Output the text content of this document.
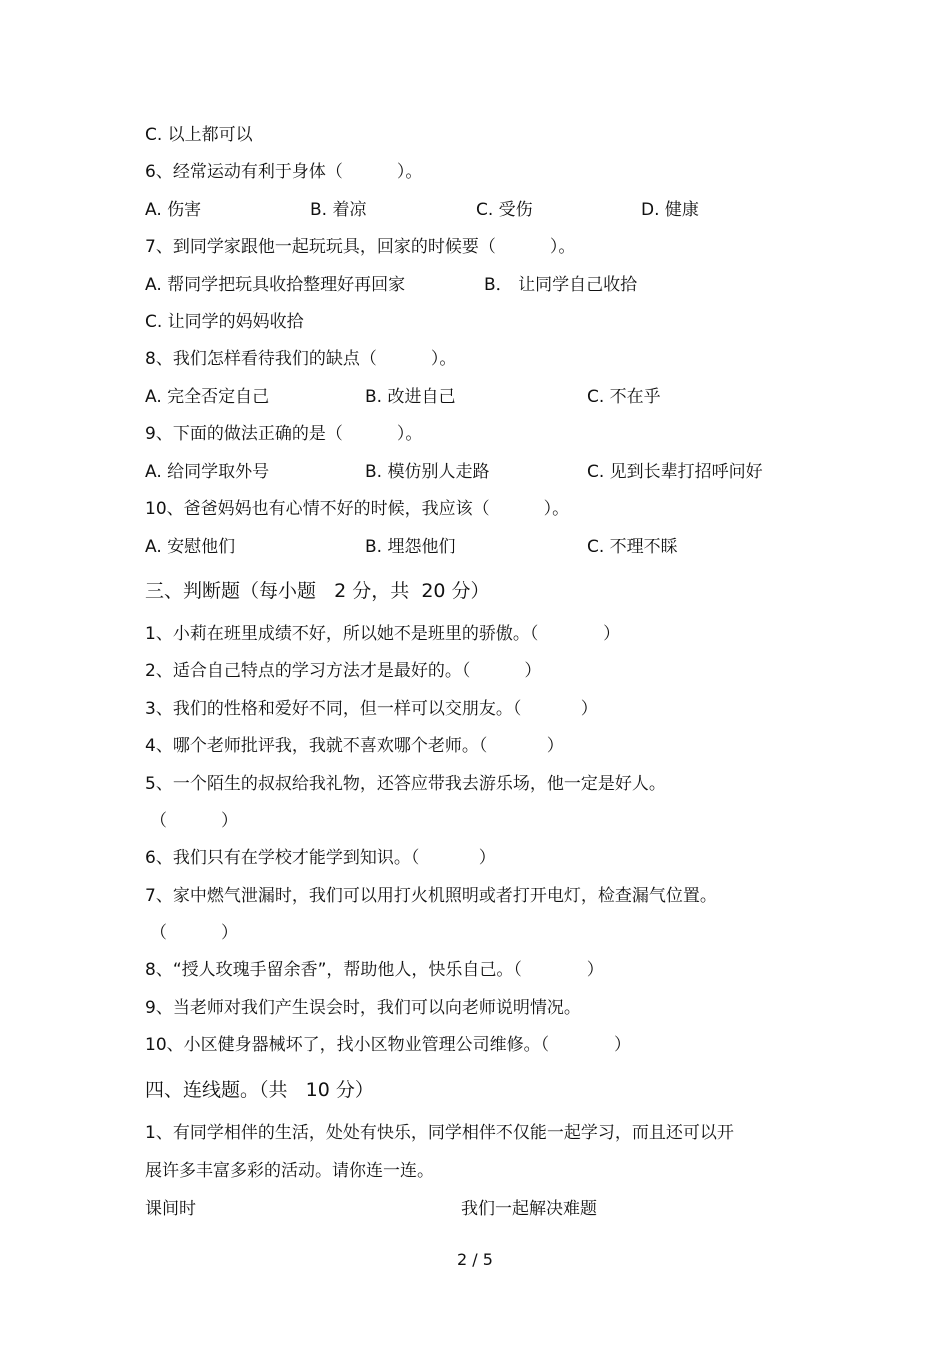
C. 以上都可以
6、经常运动有利于身体（          ）。
A. 伤害	B. 着凉	C. 受伤	D. 健康
7、到同学家跟他一起玩玩具，回家的时候要（          ）。
A. 帮同学把玩具收拾整理好再回家	B． 让同学自己收拾
C. 让同学的妈妈收拾
8、我们怎样看待我们的缺点（          ）。
A. 完全否定自己	B. 改进自己	C. 不在乎
9、下面的做法正确的是（          ）。
A. 给同学取外号	B. 模仿别人走路	C. 见到长辈打招呼问好
10、爸爸妈妈也有心情不好的时候，我应该（          ）。
A. 安慰他们	B. 埋怨他们	C. 不理不睬
三、判断题（每小题   2 分，共  20 分）
1、小莉在班里成绩不好，所以她不是班里的骄傲。（            ）
2、适合自己特点的学习方法才是最好的。（          ）
3、我们的性格和爱好不同，但一样可以交朋友。（           ）
4、哪个老师批评我，我就不喜欢哪个老师。（           ）
5、一个陌生的叔叔给我礼物，还答应带我去游乐场，他一定是好人。
（          ）
6、我们只有在学校才能学到知识。（           ）
7、家中燃气泄漏时，我们可以用打火机照明或者打开电灯，检查漏气位置。
（          ）
8、“授人玫瑰手留余香”，帮助他人，快乐自己。（            ）
9、当老师对我们产生误会时，我们可以向老师说明情况。
10、小区健身器械坏了，找小区物业管理公司维修。（            ）
四、连线题。（共   10 分）
1、有同学相伴的生活，处处有快乐，同学相伴不仅能一起学习，而且还可以开
展许多丰富多彩的活动。请你连一连。
课间时	我们一起解决难题
2 / 5
